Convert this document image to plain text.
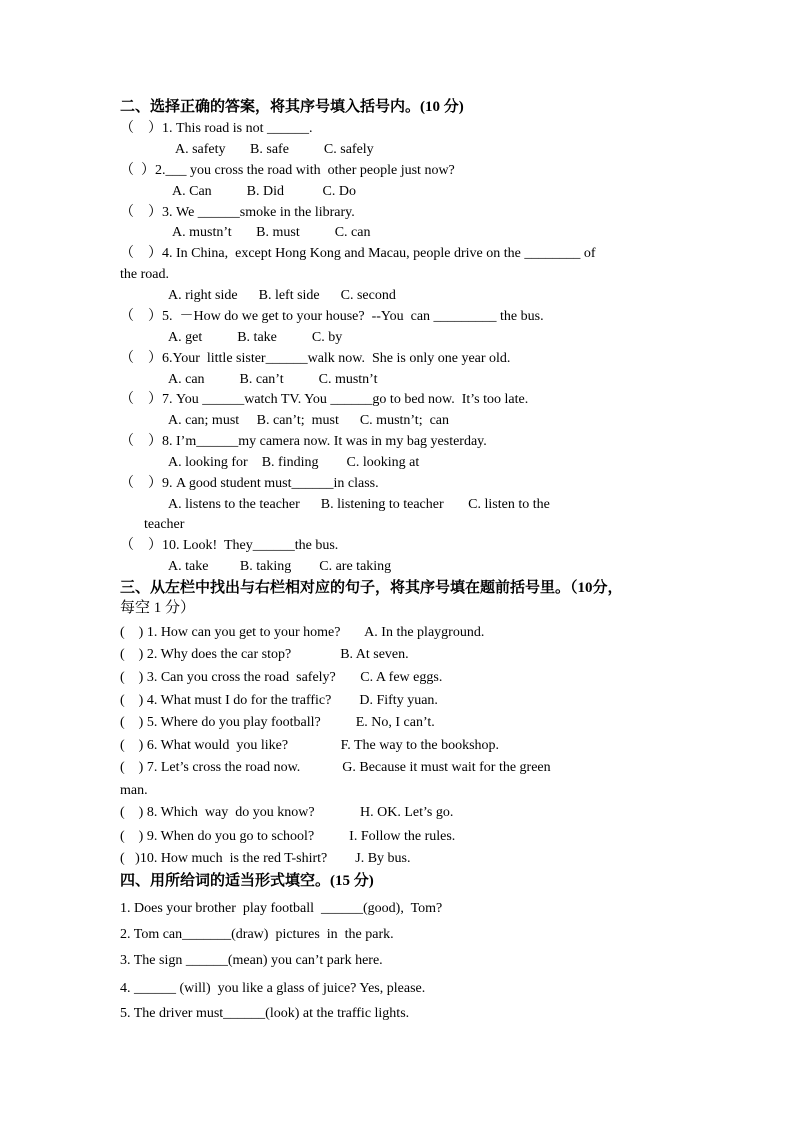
二、选择正确的答案，将其序号填入括号内。(10 分)
（    ）1. This road is not ______.
A. safety       B. safe          C. safely
（  ）2.___ you cross the road with  other people just now?
A. Can          B. Did           C. Do
（    ）3. We ______smoke in the library.
A. mustn’t       B. must          C. can
（    ）4. In China,  except Hong Kong and Macau, people drive on the ________ of
the road.
A. right side      B. left side      C. second
（    ）5.  －How do we get to your house?  --You  can _________ the bus.
A. get          B. take          C. by
（    ）6.Your  little sister______walk now.  She is only one year old.
A. can          B. can’t          C. mustn’t
（    ）7. You ______watch TV. You ______go to bed now.  It’s too late.
A. can; must     B. can’t;  must      C. mustn’t;  can
（    ）8. I’m______my camera now. It was in my bag yesterday.
A. looking for    B. finding        C. looking at
（    ）9. A good student must______in class.
A. listens to the teacher      B. listening to teacher       C. listen to the
teacher
（    ）10. Look!  They______the bus.
A. take         B. taking        C. are taking
三、从左栏中找出与右栏相对应的句子，将其序号填在题前括号里。（10分，
每空 1 分）
(    ) 1. How can you get to your home?       A. In the playground.
(    ) 2. Why does the car stop?              B. At seven.
(    ) 3. Can you cross the road  safely?       C. A few eggs.
(    ) 4. What must I do for the traffic?        D. Fifty yuan.
(    ) 5. Where do you play football?          E. No, I can’t.
(    ) 6. What would  you like?               F. The way to the bookshop.
(    ) 7. Let’s cross the road now.            G. Because it must wait for the green
man.
(    ) 8. Which  way  do you know?             H. OK. Let’s go.
(    ) 9. When do you go to school?          I. Follow the rules.
(   )10. How much  is the red T-shirt?        J. By bus.
四、用所给词的适当形式填空。(15 分)
1. Does your brother  play football  ______(good),  Tom?
2. Tom can_______(draw)  pictures  in  the park.
3. The sign ______(mean) you can’t park here.
4. ______ (will)  you like a glass of juice? Yes, please.
5. The driver must______(look) at the traffic lights.
